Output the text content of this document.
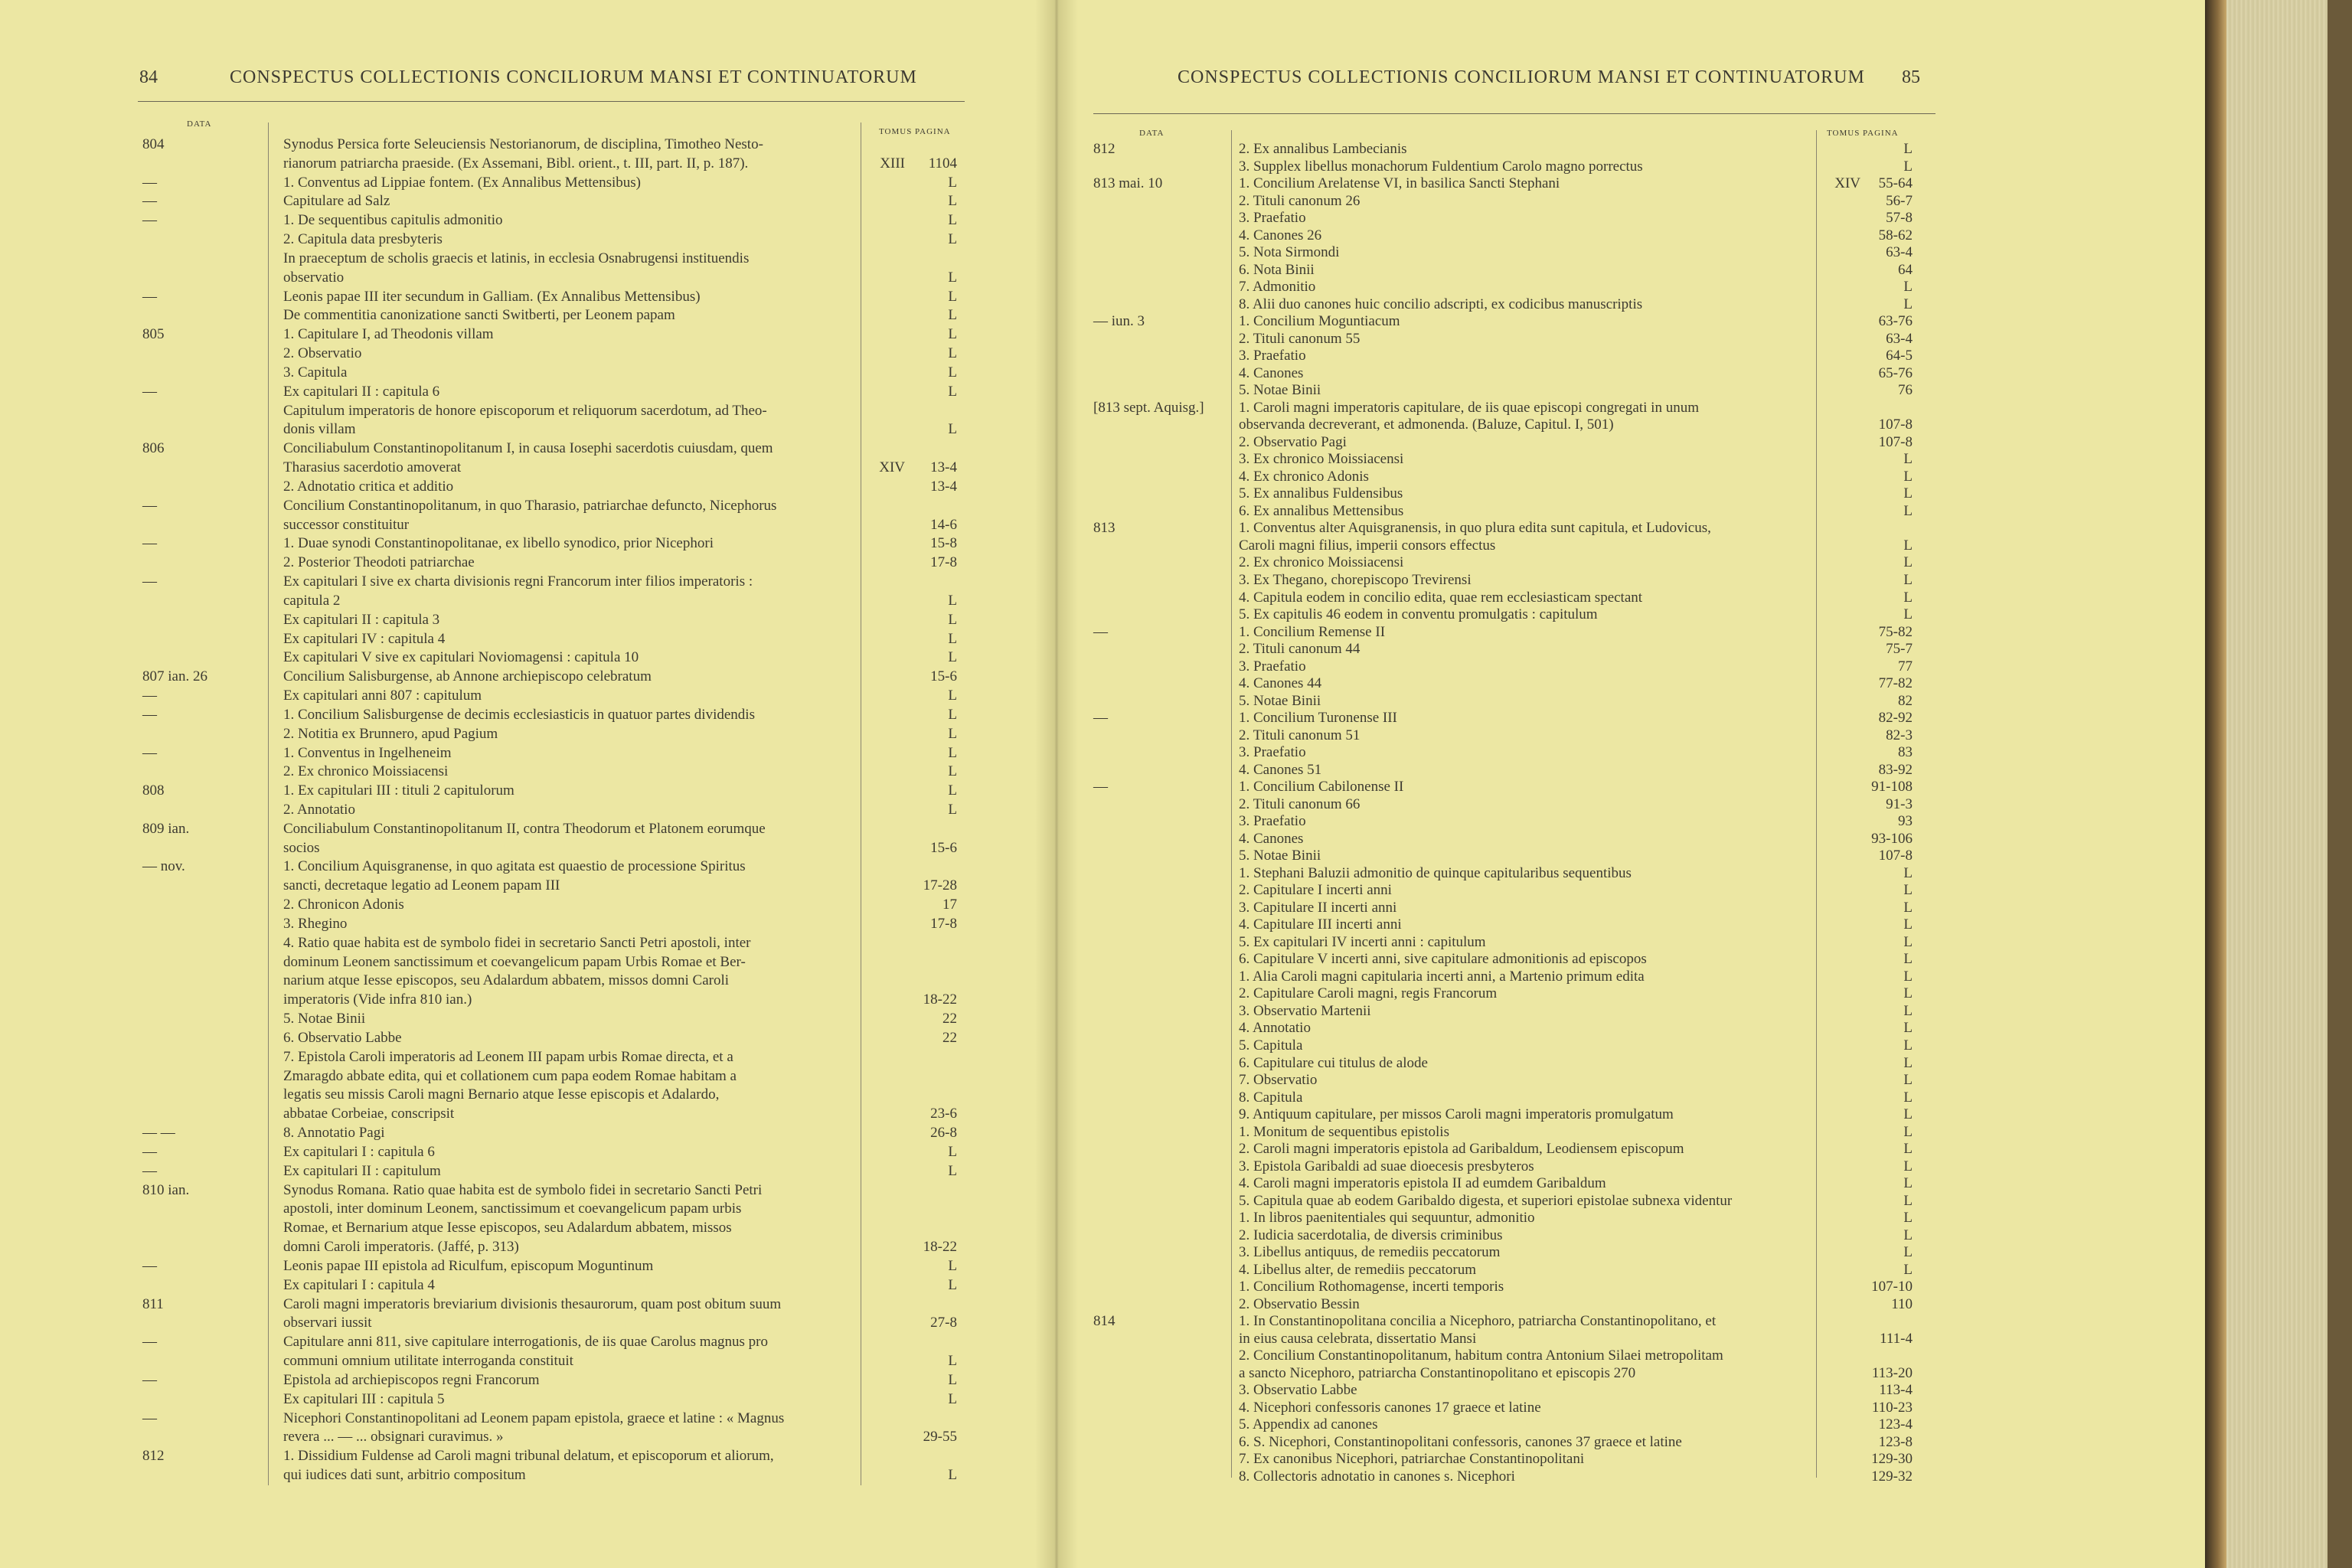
84	CONSPECTUS COLLECTIONIS CONCILIORUM MANSI ET CONTINUATORUM
DATA
TOMUS PAGINA
804	Synodus Persica forte Seleuciensis Nestorianorum, de disciplina, Timotheo Nesto-
rianorum patriarcha praeside. (Ex Assemani, Bibl. orient., t. III, part. II, p. 187).	XIII	1104
—	1. Conventus ad Lippiae fontem. (Ex Annalibus Mettensibus)	L
—	Capitulare ad Salz	L
—	1. De sequentibus capitulis admonitio	L
2. Capitula data presbyteris	L
In praeceptum de scholis graecis et latinis, in ecclesia Osnabrugensi instituendis
observatio	L
—	Leonis papae III iter secundum in Galliam. (Ex Annalibus Mettensibus)	L
De commentitia canonizatione sancti Switberti, per Leonem papam	L
805	1. Capitulare I, ad Theodonis villam	L
2. Observatio	L
3. Capitula	L
—	Ex capitulari II : capitula 6	L
Capitulum imperatoris de honore episcoporum et reliquorum sacerdotum, ad Theo-
donis villam	L
806	Conciliabulum Constantinopolitanum I, in causa Iosephi sacerdotis cuiusdam, quem
Tharasius sacerdotio amoverat	XIV	13-4
2. Adnotatio critica et additio	13-4
—	Concilium Constantinopolitanum, in quo Tharasio, patriarchae defuncto, Nicephorus
successor constituitur	14-6
—	1. Duae synodi Constantinopolitanae, ex libello synodico, prior Nicephori	15-8
2. Posterior Theodoti patriarchae	17-8
—	Ex capitulari I sive ex charta divisionis regni Francorum inter filios imperatoris :
capitula 2	L
Ex capitulari II : capitula 3	L
Ex capitulari IV : capitula 4	L
Ex capitulari V sive ex capitulari Noviomagensi : capitula 10	L
807 ian. 26	Concilium Salisburgense, ab Annone archiepiscopo celebratum	15-6
—	Ex capitulari anni 807 : capitulum	L
—	1. Concilium Salisburgense de decimis ecclesiasticis in quatuor partes dividendis	L
2. Notitia ex Brunnero, apud Pagium	L
—	1. Conventus in Ingelheneim	L
2. Ex chronico Moissiacensi	L
808	1. Ex capitulari III : tituli 2 capitulorum	L
2. Annotatio	L
809 ian.	Conciliabulum Constantinopolitanum II, contra Theodorum et Platonem eorumque
socios	15-6
— nov.	1. Concilium Aquisgranense, in quo agitata est quaestio de processione Spiritus
sancti, decretaque legatio ad Leonem papam III	17-28
2. Chronicon Adonis	17
3. Rhegino	17-8
4. Ratio quae habita est de symbolo fidei in secretario Sancti Petri apostoli, inter
dominum Leonem sanctissimum et coevangelicum papam Urbis Romae et Ber-
narium atque Iesse episcopos, seu Adalardum abbatem, missos domni Caroli
imperatoris (Vide infra 810 ian.)	18-22
5. Notae Binii	22
6. Observatio Labbe	22
7. Epistola Caroli imperatoris ad Leonem III papam urbis Romae directa, et a
Zmaragdo abbate edita, qui et collationem cum papa eodem Romae habitam a
legatis seu missis Caroli magni Bernario atque Iesse episcopis et Adalardo,
abbatae Corbeiae, conscripsit	23-6
— —	8. Annotatio Pagi	26-8
—	Ex capitulari I : capitula 6	L
—	Ex capitulari II : capitulum	L
810 ian.	Synodus Romana. Ratio quae habita est de symbolo fidei in secretario Sancti Petri
apostoli, inter dominum Leonem, sanctissimum et coevangelicum papam urbis
Romae, et Bernarium atque Iesse episcopos, seu Adalardum abbatem, missos
domni Caroli imperatoris. (Jaffé, p. 313)	18-22
—	Leonis papae III epistola ad Riculfum, episcopum Moguntinum	L
Ex capitulari I : capitula 4	L
811	Caroli magni imperatoris breviarium divisionis thesaurorum, quam post obitum suum
observari iussit	27-8
—	Capitulare anni 811, sive capitulare interrogationis, de iis quae Carolus magnus pro
communi omnium utilitate interroganda constituit	L
—	Epistola ad archiepiscopos regni Francorum	L
Ex capitulari III : capitula 5	L
—	Nicephori Constantinopolitani ad Leonem papam epistola, graece et latine : « Magnus
revera ... — ... obsignari curavimus. »	29-55
812	1. Dissidium Fuldense ad Caroli magni tribunal delatum, et episcoporum et aliorum,
qui iudices dati sunt, arbitrio compositum	L
CONSPECTUS COLLECTIONIS CONCILIORUM MANSI ET CONTINUATORUM 85
DATA	TOMUS PAGINA
812	2. Ex annalibus Lambecianis	L
3. Supplex libellus monachorum Fuldentium Carolo magno porrectus	L
813 mai. 10	1. Concilium Arelatense VI, in basilica Sancti Stephani	XIV	55-64
2. Tituli canonum 26	56-7
3. Praefatio	57-8
4. Canones 26	58-62
5. Nota Sirmondi	63-4
6. Nota Binii	64
7. Admonitio	L
8. Alii duo canones huic concilio adscripti, ex codicibus manuscriptis	L
— iun. 3	1. Concilium Moguntiacum	63-76
2. Tituli canonum 55	63-4
3. Praefatio	64-5
4. Canones	65-76
5. Notae Binii	76
[813 sept. Aquisg.] 1. Caroli magni imperatoris capitulare, de iis quae episcopi congregati in unum
observanda decreverant, et admonenda. (Baluze, Capitul. I, 501)	107-8
2. Observatio Pagi	107-8
3. Ex chronico Moissiacensi	L
4. Ex chronico Adonis	L
5. Ex annalibus Fuldensibus	L
6. Ex annalibus Mettensibus	L
813	1. Conventus alter Aquisgranensis, in quo plura edita sunt capitula, et Ludovicus,
Caroli magni filius, imperii consors effectus	L
2. Ex chronico Moissiacensi	L
3. Ex Thegano, chorepiscopo Trevirensi	L
4. Capitula eodem in concilio edita, quae rem ecclesiasticam spectant	L
5. Ex capitulis 46 eodem in conventu promulgatis : capitulum	L
—	1. Concilium Remense II	75-82
2. Tituli canonum 44	75-7
3. Praefatio	77
4. Canones 44	77-82
5. Notae Binii	82
—	1. Concilium Turonense III	82-92
2. Tituli canonum 51	82-3
3. Praefatio	83
4. Canones 51	83-92
—	1. Concilium Cabilonense II	91-108
2. Tituli canonum 66	91-3
3. Praefatio	93
4. Canones	93-106
5. Notae Binii	107-8
1. Stephani Baluzii admonitio de quinque capitularibus sequentibus	L
2. Capitulare I incerti anni	L
3. Capitulare II incerti anni	L
4. Capitulare III incerti anni	L
5. Ex capitulari IV incerti anni : capitulum	L
6. Capitulare V incerti anni, sive capitulare admonitionis ad episcopos	L
1. Alia Caroli magni capitularia incerti anni, a Martenio primum edita	L
2. Capitulare Caroli magni, regis Francorum	L
3. Observatio Martenii	L
4. Annotatio	L
5. Capitula	L
6. Capitulare cui titulus de alode	L
7. Observatio	L
8. Capitula	L
9. Antiquum capitulare, per missos Caroli magni imperatoris promulgatum	L
1. Monitum de sequentibus epistolis	L
2. Caroli magni imperatoris epistola ad Garibaldum, Leodiensem episcopum	L
3. Epistola Garibaldi ad suae dioecesis presbyteros	L
4. Caroli magni imperatoris epistola II ad eumdem Garibaldum	L
5. Capitula quae ab eodem Garibaldo digesta, et superiori epistolae subnexa videntur	L
1. In libros paenitentiales qui sequuntur, admonitio	L
2. Iudicia sacerdotalia, de diversis criminibus	L
3. Libellus antiquus, de remediis peccatorum	L
4. Libellus alter, de remediis peccatorum	L
1. Concilium Rothomagense, incerti temporis	107-10
2. Observatio Bessin	110
814	1. In Constantinopolitana concilia a Nicephoro, patriarcha Constantinopolitano, et
in eius causa celebrata, dissertatio Mansi	111-4
2. Concilium Constantinopolitanum, habitum contra Antonium Silaei metropolitam
a sancto Nicephoro, patriarcha Constantinopolitano et episcopis 270	113-20
3. Observatio Labbe	113-4
4. Nicephori confessoris canones 17 graece et latine	110-23
5. Appendix ad canones	123-4
6. S. Nicephori, Constantinopolitani confessoris, canones 37 graece et latine	123-8
7. Ex canonibus Nicephori, patriarchae Constantinopolitani	129-30
8. Collectoris adnotatio in canones s. Nicephori	129-32
